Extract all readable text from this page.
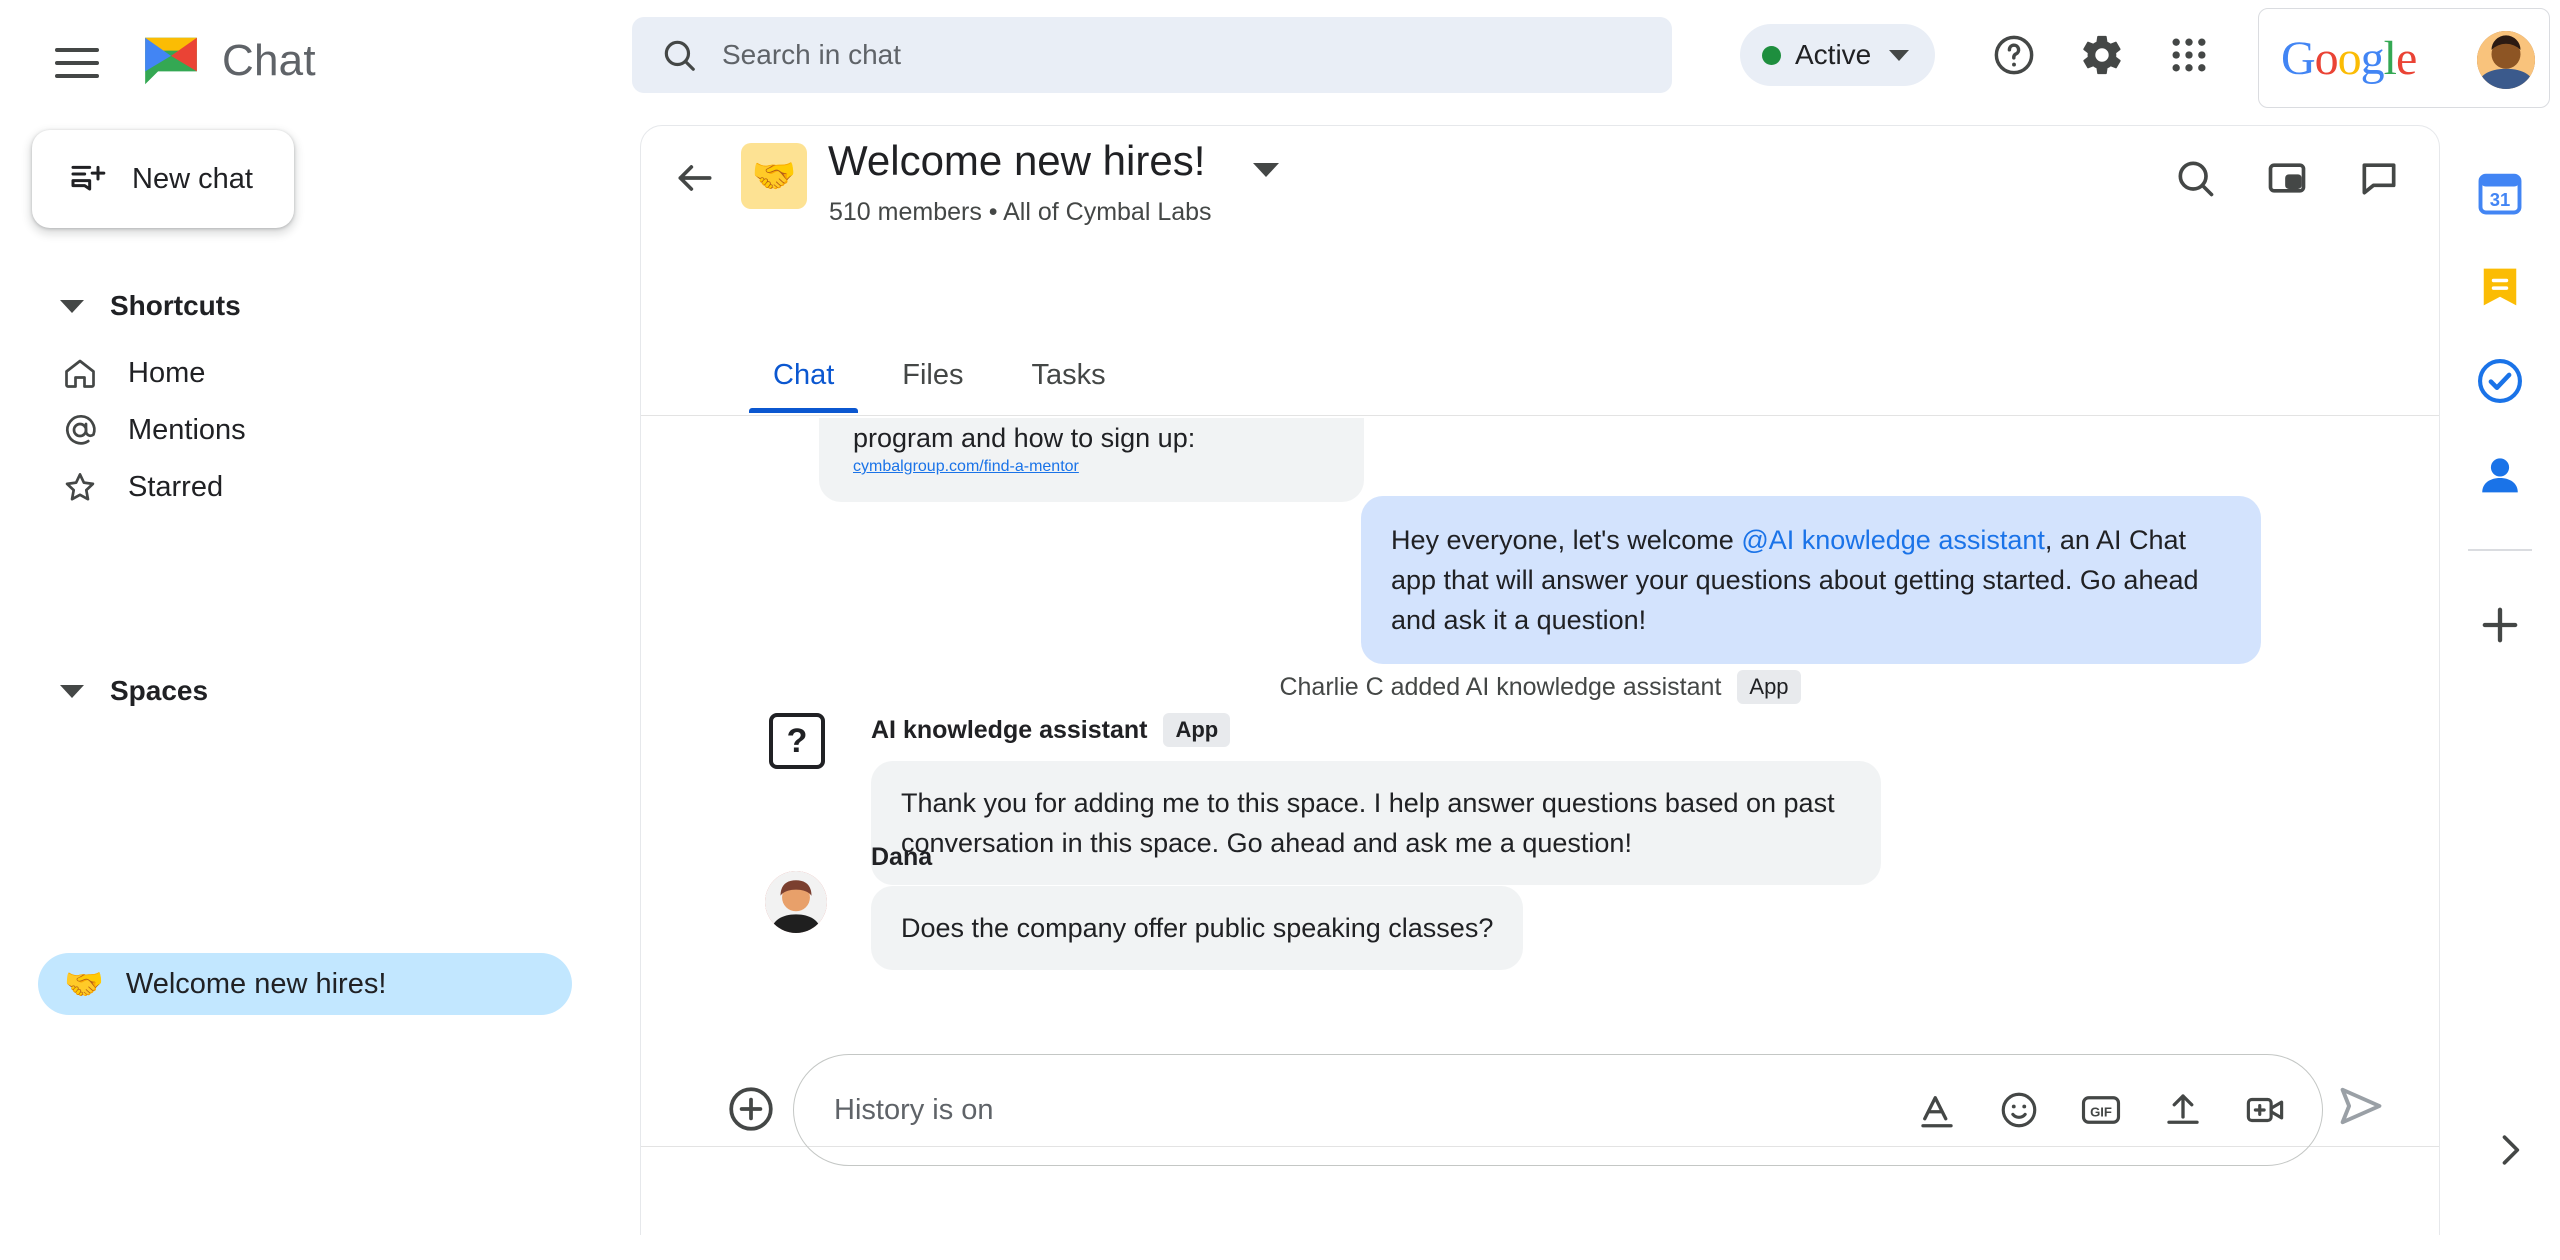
Chat
Search in chat	Active	Google
New chat
Shortcuts
Home
Mentions
Starred
Spaces
🤝 Welcome new hires!
🤝 Welcome new hires!
510 members • All of Cymbal Labs
Chat	Files	Tasks

program and how to sign up:

cymbalgroup.com/find-a-mentor

Hey everyone, let's welcome @AI knowledge assistant, an AI Chat app that will answer your questions about getting started. Go ahead and ask it a question!

Charlie C added AI knowledge assistant	App
?	AI knowledge assistant	App

Thank you for adding me to this space. I help answer questions based on past conversation in this space. Go ahead and ask me a question!

Dana

Does the company offer public speaking classes?

History is on
GIF
31
